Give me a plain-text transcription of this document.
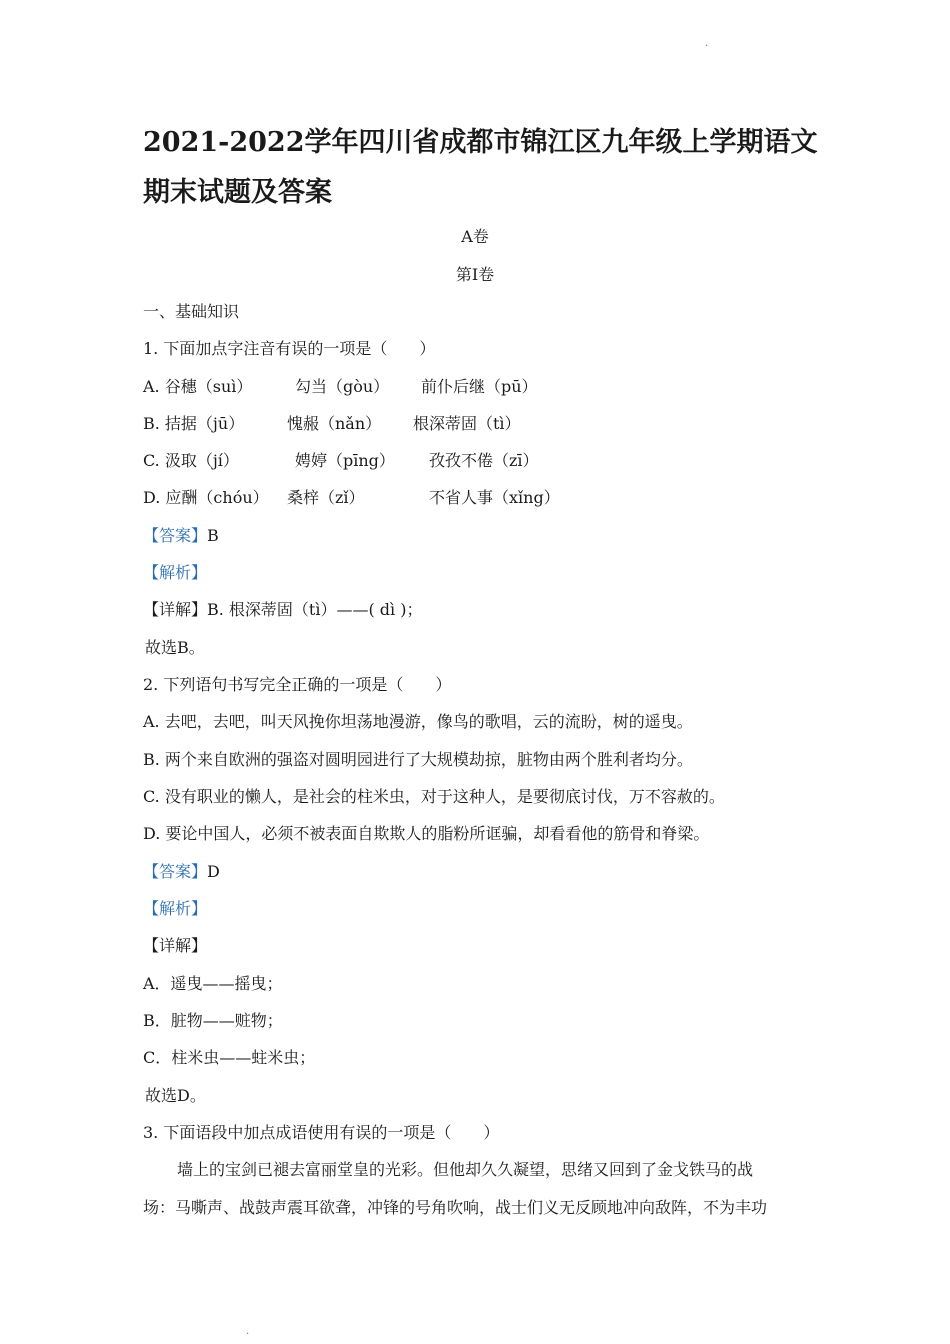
.
2021-2022学年四川省成都市锦江区九年级上学期语文期末试题及答案
A卷
第Ⅰ卷
一、基础知识
1. 下面加点字注音有误的一项是（　　）
A. 谷穗（suì）	勾当（gòu） 前仆后继（pū）
B. 拮据（jū）	愧赧（nǎn） 根深蒂固（tì）
C. 汲取（jí）	娉婷（pīng） 孜孜不倦（zī）
D. 应酬（chóu） 桑梓（zǐ）	不省人事（xǐng）
【答案】B
【解析】
【详解】B. 根深蒂固（tì）——( dì )；
故选B。
2. 下列语句书写完全正确的一项是（　　）
A. 去吧，去吧，叫天风挽你坦荡地漫游，像鸟的歌唱，云的流盼，树的遥曳。
B. 两个来自欧洲的强盗对圆明园进行了大规模劫掠，脏物由两个胜利者均分。
C. 没有职业的懒人，是社会的柱米虫，对于这种人，是要彻底讨伐，万不容赦的。
D. 要论中国人，必须不被表面自欺欺人的脂粉所诓骗，却看看他的筋骨和脊梁。
【答案】D
【解析】
【详解】
A．遥曳——摇曳；
B．脏物——赃物；
C．柱米虫——蛀米虫；
故选D。
3. 下面语段中加点成语使用有误的一项是（　　）
墙上的宝剑已褪去富丽堂皇的光彩。但他却久久凝望，思绪又回到了金戈铁马的战
场：马嘶声、战鼓声震耳欲聋，冲锋的号角吹响，战士们义无反顾地冲向敌阵，不为丰功
.
